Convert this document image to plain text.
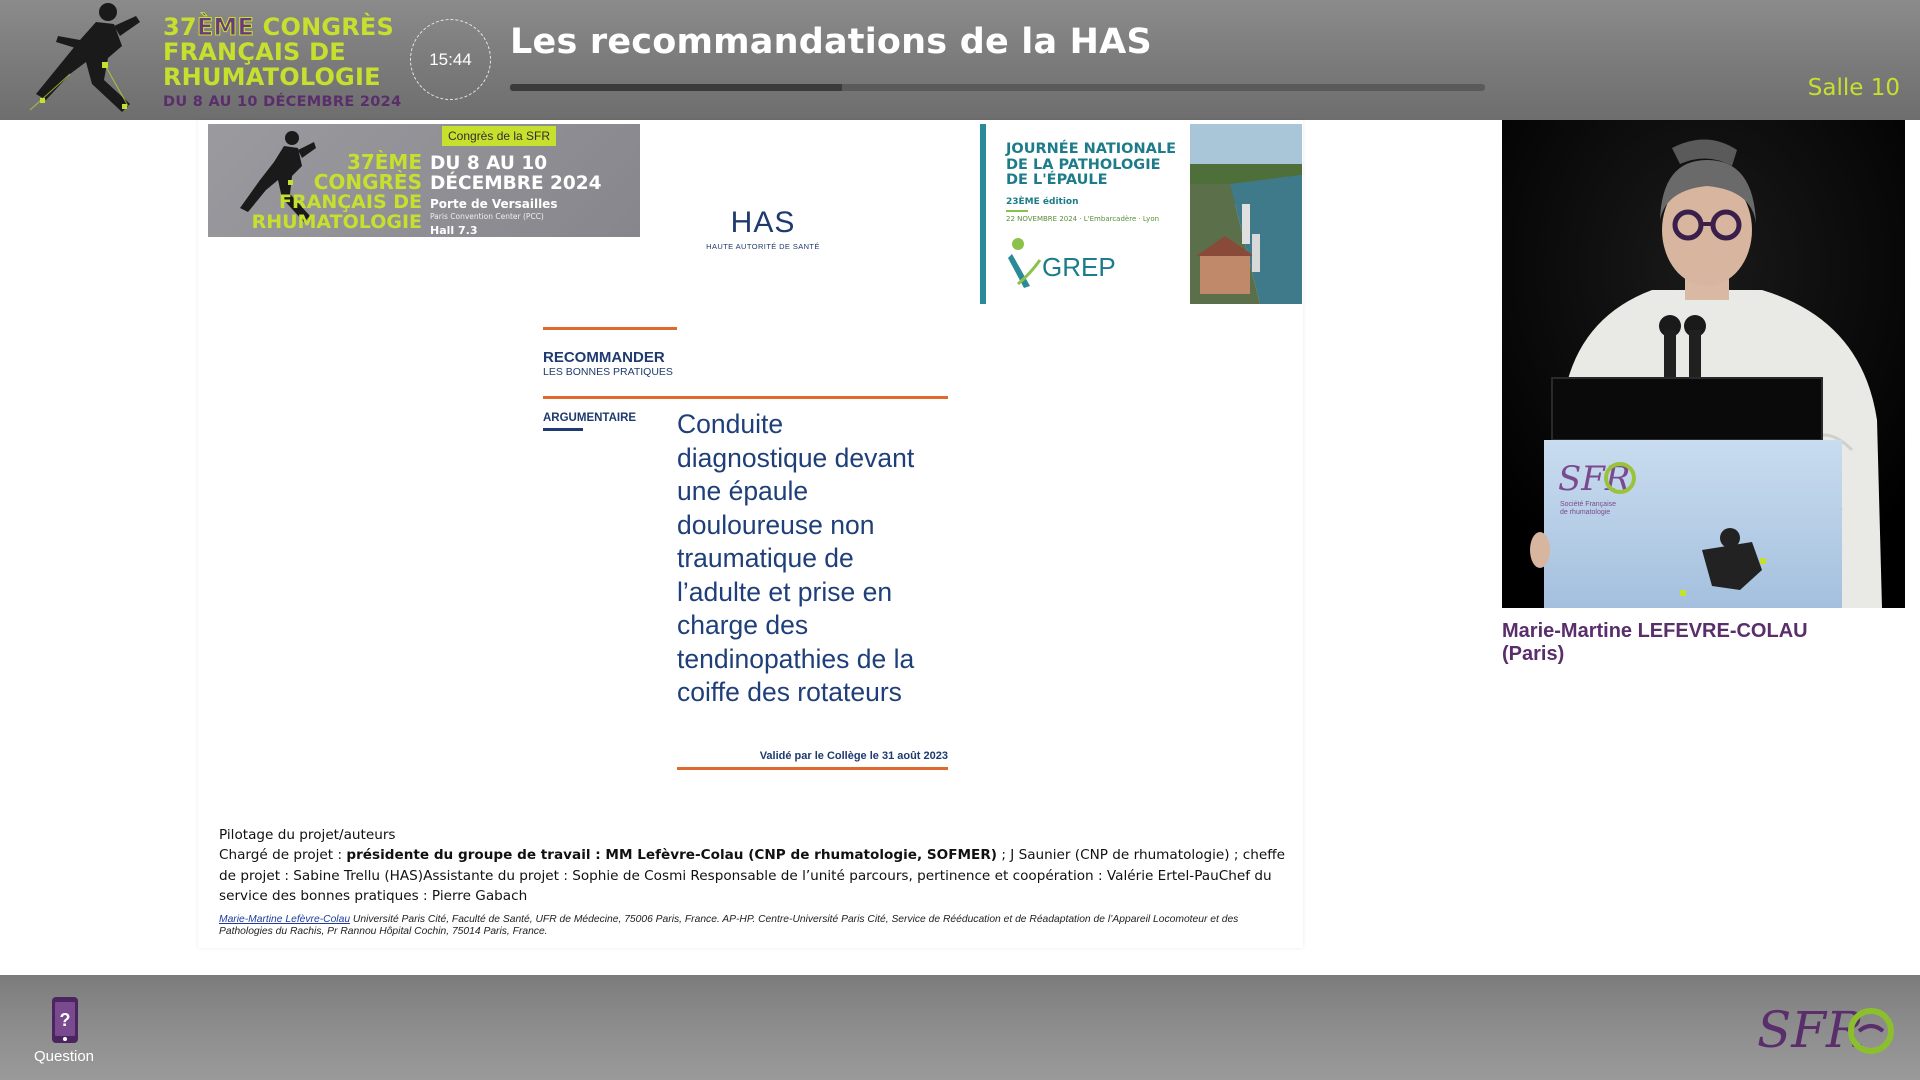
37ÈME CONGRÈS
FRANÇAIS DE
RHUMATOLOGIE
DU 8 AU 10 DÉCEMBRE 2024
15:44 Les recommandations de la HAS
Salle 10
37ÈME
CONGRÈS
FRANÇAIS DE
RHUMATOLOGIE
Congrès de la SFR
DU 8 AU 10
DÉCEMBRE 2024
Porte de Versailles
Paris Convention Center (PCC)
Hall 7.3	HAS
HAUTE AUTORITÉ DE SANTÉ
JOURNÉE NATIONALE
DE LA PATHOLOGIE
DE L'ÉPAULE
23ÈME édition
22 NOVEMBRE 2024 · L'Embarcadère · Lyon
GREP
RECOMMANDER
LES BONNES PRATIQUES
ARGUMENTAIRE Conduite
diagnostique devant
une épaule
douloureuse non
traumatique de
l’adulte et prise en
charge des
tendinopathies de la
coiffe des rotateurs
Validé par le Collège le 31 août 2023
Pilotage du projet/auteurs
Chargé de projet : présidente du groupe de travail : MM Lefèvre-Colau (CNP de rhumatologie, SOFMER) ; J Saunier (CNP de rhumatologie) ; cheffe de projet : Sabine Trellu (HAS)Assistante du projet : Sophie de Cosmi Responsable de l’unité parcours, pertinence et coopération : Valérie Ertel-PauChef du service des bonnes pratiques : Pierre Gabach
Marie-Martine Lefèvre-Colau Université Paris Cité, Faculté de Santé, UFR de Médecine, 75006 Paris, France. AP-HP. Centre-Université Paris Cité, Service de Rééducation et de Réadaptation de l’Appareil Locomoteur et des Pathologies du Rachis, Pr Rannou Hôpital Cochin, 75014 Paris, France.
SFR
Société Française
de rhumatologie
Marie-Martine LEFEVRE-COLAU
(Paris)
?
Question	SFR
